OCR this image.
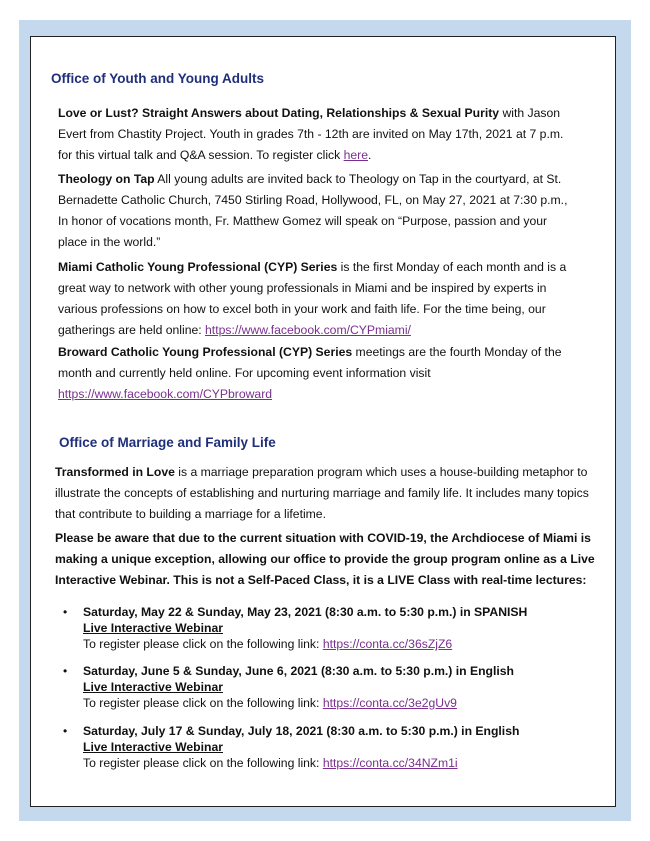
Office of Youth and Young Adults

Love or Lust? Straight Answers about Dating, Relationships & Sexual Purity with Jason Evert from Chastity Project. Youth in grades 7th - 12th are invited on May 17th, 2021 at 7 p.m. for this virtual talk and Q&A session. To register click here.

Theology on Tap All young adults are invited back to Theology on Tap in the courtyard, at St. Bernadette Catholic Church, 7450 Stirling Road, Hollywood, FL, on May 27, 2021 at 7:30 p.m., In honor of vocations month, Fr. Matthew Gomez will speak on “Purpose, passion and your place in the world.”

Miami Catholic Young Professional (CYP) Series is the first Monday of each month and is a great way to network with other young professionals in Miami and be inspired by experts in various professions on how to excel both in your work and faith life. For the time being, our gatherings are held online: https://www.facebook.com/CYPmiami/

Broward Catholic Young Professional (CYP) Series meetings are the fourth Monday of the month and currently held online. For upcoming event information visit https://www.facebook.com/CYPbroward

Office of Marriage and Family Life

Transformed in Love is a marriage preparation program which uses a house-building metaphor to illustrate the concepts of establishing and nurturing marriage and family life. It includes many topics that contribute to building a marriage for a lifetime.

Please be aware that due to the current situation with COVID-19, the Archdiocese of Miami is making a unique exception, allowing our office to provide the group program online as a Live Interactive Webinar. This is not a Self-Paced Class, it is a LIVE Class with real-time lectures:

• Saturday, May 22 & Sunday, May 23, 2021 (8:30 a.m. to 5:30 p.m.) in SPANISH
Live Interactive Webinar
To register please click on the following link: https://conta.cc/36sZjZ6
• Saturday, June 5 & Sunday, June 6, 2021 (8:30 a.m. to 5:30 p.m.) in English
Live Interactive Webinar
To register please click on the following link: https://conta.cc/3e2gUv9
• Saturday, July 17 & Sunday, July 18, 2021 (8:30 a.m. to 5:30 p.m.) in English
Live Interactive Webinar
To register please click on the following link: https://conta.cc/34NZm1i
